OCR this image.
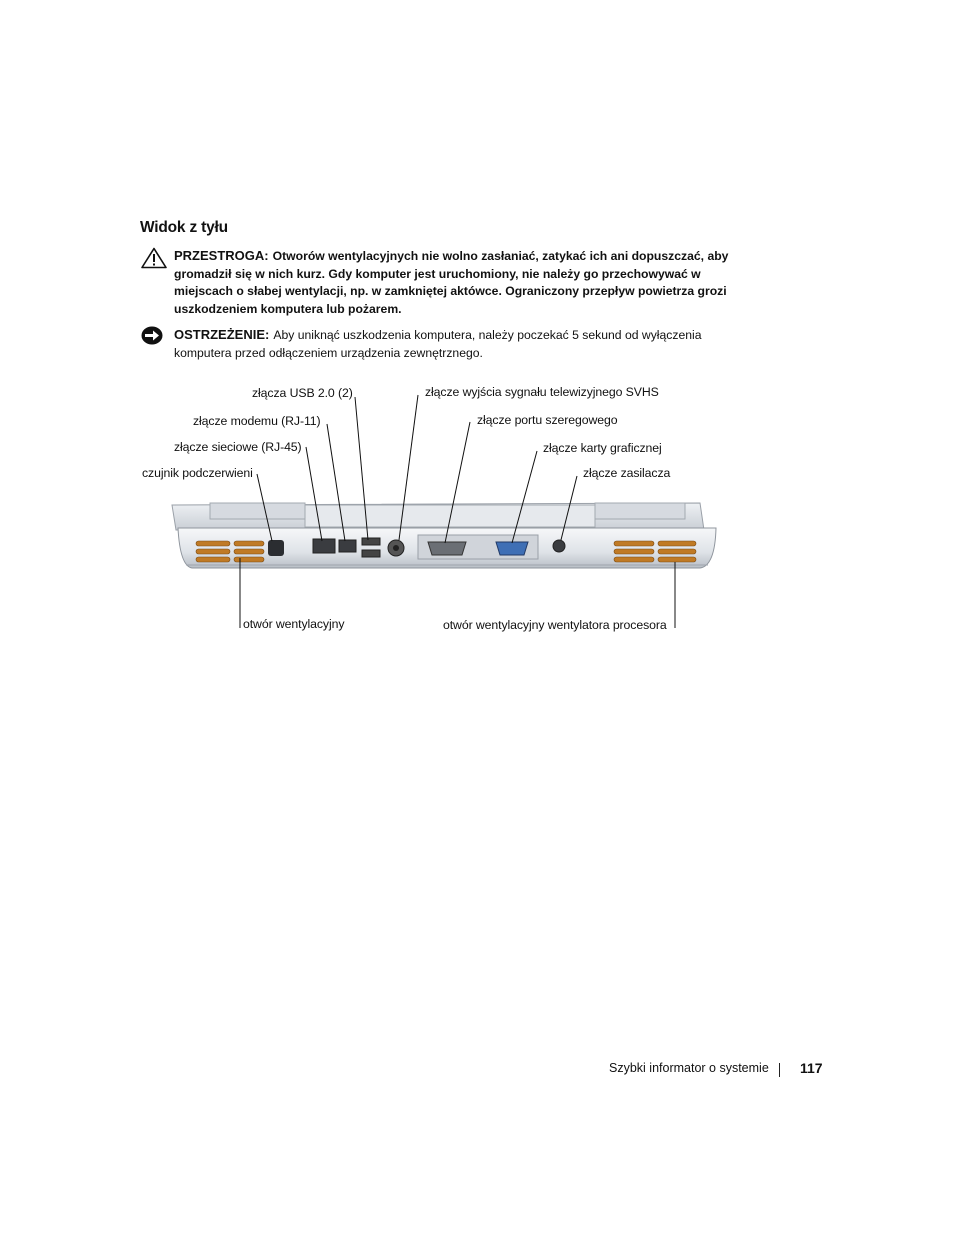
Widok z tyłu
PRZESTROGA: Otworów wentylacyjnych nie wolno zasłaniać, zatykać ich ani dopuszczać, aby gromadził się w nich kurz. Gdy komputer jest uruchomiony, nie należy go przechowywać w miejscach o słabej wentylacji, np. w zamkniętej aktówce. Ograniczony przepływ powietrza grozi uszkodzeniem komputera lub pożarem.
OSTRZEŻENIE: Aby uniknąć uszkodzenia komputera, należy poczekać 5 sekund od wyłączenia komputera przed odłączeniem urządzenia zewnętrznego.
złącza USB 2.0 (2)	złącze wyjścia sygnału telewizyjnego SVHS
złącze modemu (RJ-11)	złącze portu szeregowego
złącze sieciowe (RJ-45)	złącze karty graficznej
czujnik podczerwieni	złącze zasilacza
otwór wentylacyjny	otwór wentylacyjny wentylatora procesora
Szybki informator o systemie 117
